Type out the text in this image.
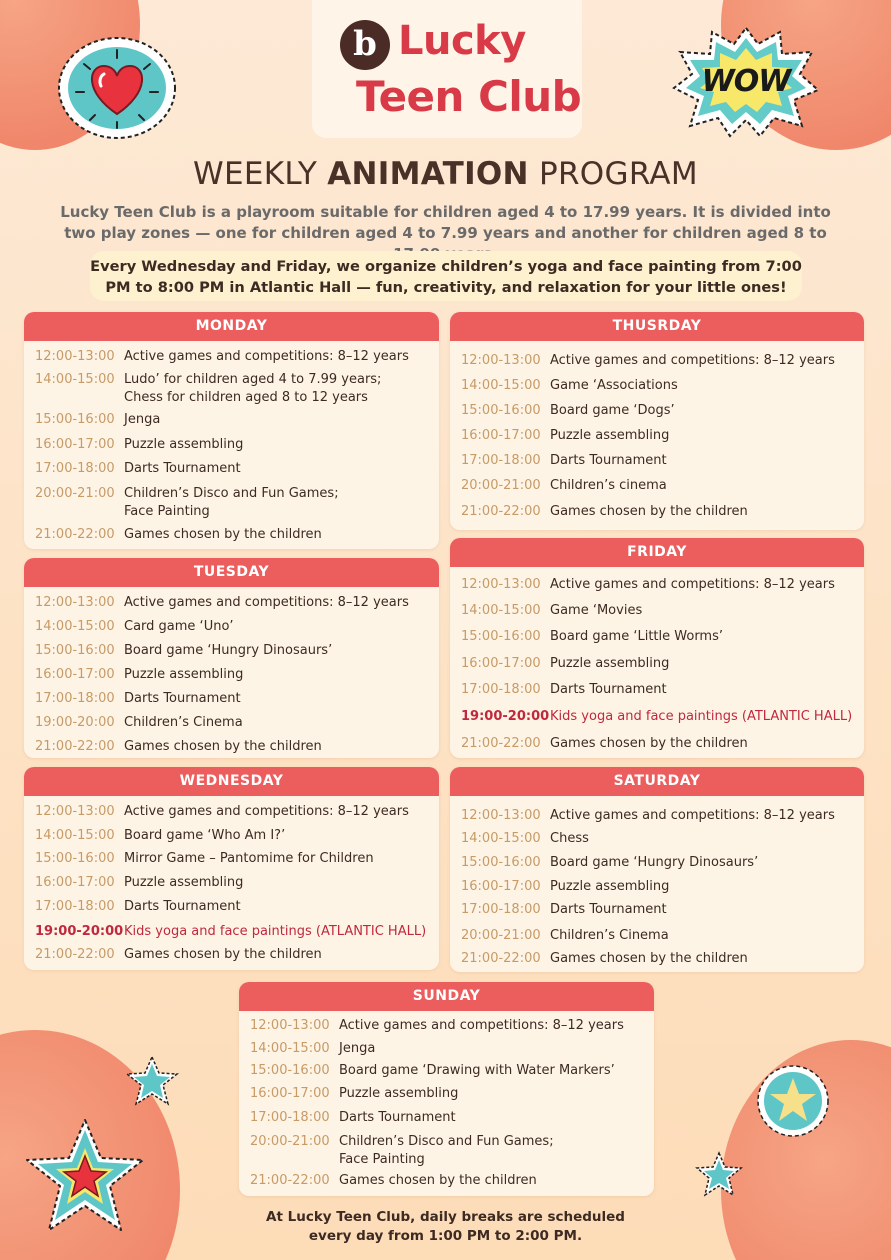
WOW
b Lucky
Teen Club
WEEKLY ANIMATION PROGRAM
Lucky Teen Club is a playroom suitable for children aged 4 to 17.99 years. It is divided into two play zones — one for children aged 4 to 7.99 years and another for children aged 8 to
Every Wednesday and Friday, we organize children’s yoga and face painting from 7:00 PM to 8:00 PM in Atlantic Hall — fun, creativity, and relaxation for your little ones!
MONDAY
12:00-13:00 Active games and competitions: 8–12 years
14:00-15:00 Ludo’ for children aged 4 to 7.99 years;
Chess for children aged 8 to 12 years
15:00-16:00 Jenga
16:00-17:00 Puzzle assembling
17:00-18:00 Darts Tournament
20:00-21:00 Children’s Disco and Fun Games;
Face Painting
21:00-22:00 Games chosen by the children
TUESDAY
12:00-13:00 Active games and competitions: 8–12 years
14:00-15:00 Card game ‘Uno’
15:00-16:00 Board game ‘Hungry Dinosaurs’
16:00-17:00 Puzzle assembling
17:00-18:00 Darts Tournament
19:00-20:00 Children’s Cinema
21:00-22:00 Games chosen by the children
WEDNESDAY
12:00-13:00 Active games and competitions: 8–12 years
14:00-15:00 Board game ‘Who Am I?’
15:00-16:00 Mirror Game – Pantomime for Children
16:00-17:00 Puzzle assembling
17:00-18:00 Darts Tournament
19:00-20:00 Kids yoga and face paintings (ATLANTIC HALL)
21:00-22:00 Games chosen by the children
THUSRDAY
12:00-13:00 Active games and competitions: 8–12 years
14:00-15:00 Game ‘Associations
15:00-16:00 Board game ‘Dogs’
16:00-17:00 Puzzle assembling
17:00-18:00 Darts Tournament
20:00-21:00 Children’s cinema
21:00-22:00 Games chosen by the children
FRIDAY
12:00-13:00 Active games and competitions: 8–12 years
14:00-15:00 Game ‘Movies
15:00-16:00 Board game ‘Little Worms’
16:00-17:00 Puzzle assembling
17:00-18:00 Darts Tournament
19:00-20:00 Kids yoga and face paintings (ATLANTIC HALL)
21:00-22:00 Games chosen by the children
SATURDAY
12:00-13:00 Active games and competitions: 8–12 years
14:00-15:00 Chess
15:00-16:00 Board game ‘Hungry Dinosaurs’
16:00-17:00 Puzzle assembling
17:00-18:00 Darts Tournament
20:00-21:00 Children’s Cinema
21:00-22:00 Games chosen by the children
SUNDAY
12:00-13:00 Active games and competitions: 8–12 years
14:00-15:00 Jenga
15:00-16:00 Board game ‘Drawing with Water Markers’
16:00-17:00 Puzzle assembling
17:00-18:00 Darts Tournament
20:00-21:00 Children’s Disco and Fun Games;
Face Painting
21:00-22:00 Games chosen by the children
At Lucky Teen Club, daily breaks are scheduled
every day from 1:00 PM to 2:00 PM.
